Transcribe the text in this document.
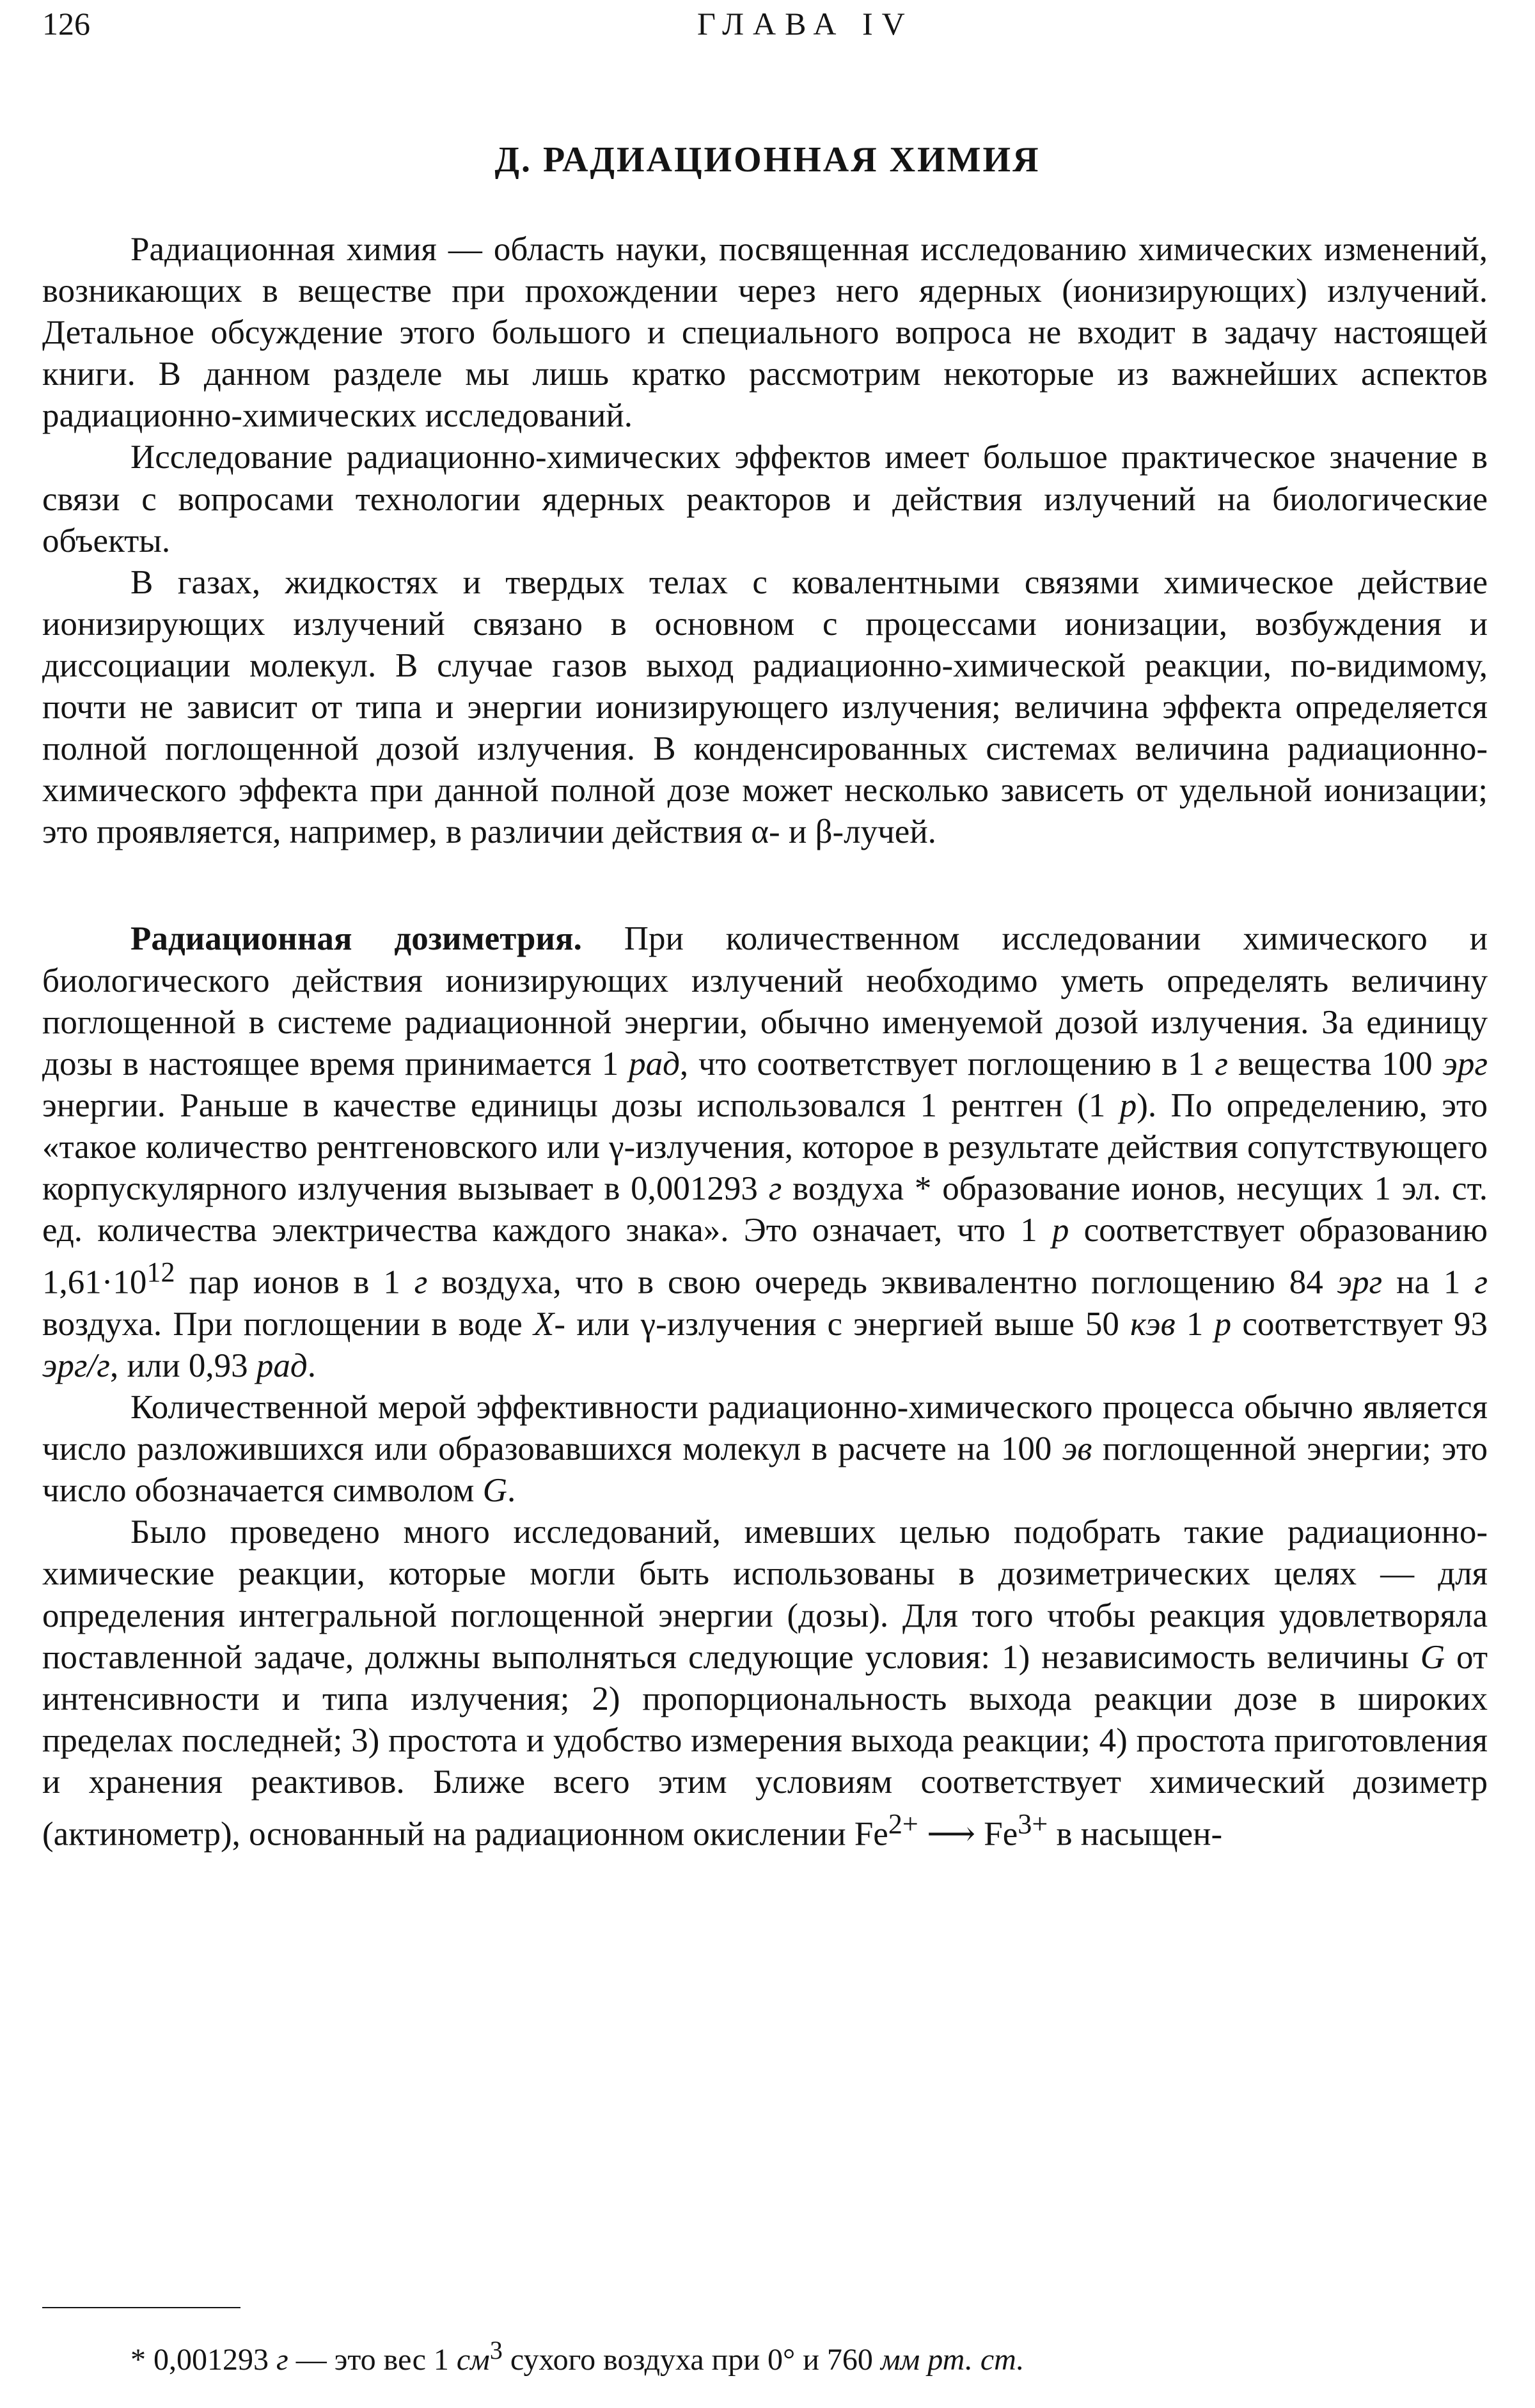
126	ГЛАВА IV
Д. РАДИАЦИОННАЯ ХИМИЯ

Радиационная химия — область науки, посвященная исследованию химических изменений, возникающих в веществе при прохождении через него ядерных (ионизирующих) излучений. Детальное обсуждение этого большого и специального вопроса не входит в задачу настоящей книги. В данном разделе мы лишь кратко рассмотрим некоторые из важнейших аспектов радиационно-химических исследований.

Исследование радиационно-химических эффектов имеет большое практическое значение в связи с вопросами технологии ядерных реакторов и действия излучений на биологические объекты.

В газах, жидкостях и твердых телах с ковалентными связями химическое действие ионизирующих излучений связано в основном с процессами ионизации, возбуждения и диссоциации молекул. В случае газов выход радиационно-химической реакции, по-видимому, почти не зависит от типа и энергии ионизирующего излучения; величина эффекта определяется полной поглощенной дозой излучения. В конденсированных системах величина радиационно-химического эффекта при данной полной дозе может несколько зависеть от удельной ионизации; это проявляется, например, в различии действия α- и β-лучей.

Радиационная дозиметрия. При количественном исследовании химического и биологического действия ионизирующих излучений необходимо уметь определять величину поглощенной в системе радиационной энергии, обычно именуемой дозой излучения. За единицу дозы в настоящее время принимается 1 рад, что соответствует поглощению в 1 г вещества 100 эрг энергии. Раньше в качестве единицы дозы использовался 1 рентген (1 р). По определению, это «такое количество рентгеновского или γ-излучения, которое в результате действия сопутствующего корпускулярного излучения вызывает в 0,001293 г воздуха * образование ионов, несущих 1 эл. ст. ед. количества электричества каждого знака». Это означает, что 1 р соответствует образованию $1,61\cdot 10^{12}$ пар ионов в 1 г воздуха, что в свою очередь эквивалентно поглощению 84 эрг на 1 г воздуха. При поглощении в воде X- или γ-излучения с энергией выше 50 кэв 1 р соответствует 93 эрг/г, или 0,93 рад.

Количественной мерой эффективности радиационно-химического процесса обычно является число разложившихся или образовавшихся молекул в расчете на 100 эв поглощенной энергии; это число обозначается символом G.

Было проведено много исследований, имевших целью подобрать такие радиационно-химические реакции, которые могли быть использованы в дозиметрических целях — для определения интегральной поглощенной энергии (дозы). Для того чтобы реакция удовлетворяла поставленной задаче, должны выполняться следующие условия: 1) независимость величины G от интенсивности и типа излучения; 2) пропорциональность выхода реакции дозе в широких пределах последней; 3) простота и удобство измерения выхода реакции; 4) простота приготовления и хранения реактивов. Ближе всего этим условиям соответствует химический дозиметр (актинометр), основанный на радиационном окислении $Fe^{2+}$ ⟶ $Fe^{3+}$ в насыщен-

* 0,001293 г — это вес 1 $см^3$ сухого воздуха при 0° и 760 мм рт. ст.
